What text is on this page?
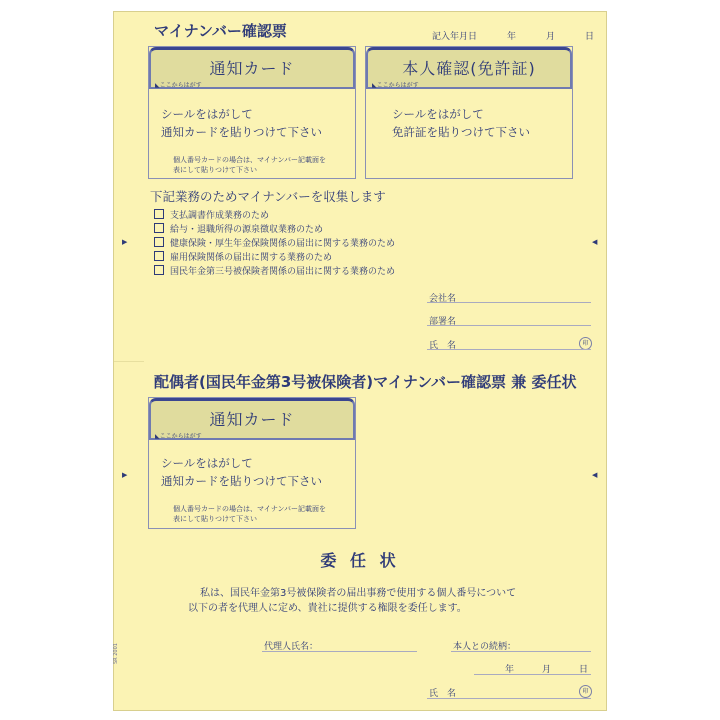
マイナンバー確認票	記入年月日	年	月	日
通知カード
◣ここからはがす
シールをはがして
通知カードを貼りつけて下さい
個人番号カードの場合は、マイナンバー記載面を
表にして貼りつけて下さい
本人確認(免許証)
◣ここからはがす
シールをはがして
免許証を貼りつけて下さい
下記業務のためマイナンバーを収集します
支払調書作成業務のため
給与・退職所得の源泉徴収業務のため
健康保険・厚生年金保険関係の届出に関する業務のため
雇用保険関係の届出に関する業務のため
国民年金第三号被保険者関係の届出に関する業務のため
会社名
部署名
氏　名	印
配偶者(国民年金第3号被保険者)マイナンバー確認票 兼 委任状
通知カード
◣ここからはがす
シールをはがして
通知カードを貼りつけて下さい
個人番号カードの場合は、マイナンバー記載面を
表にして貼りつけて下さい
委 任 状
私は、国民年金第3号被保険者の届出事務で使用する個人番号について
以下の者を代理人に定め、貴社に提供する権限を委任します。
代理人氏名：	本人との続柄：
年	月	日
氏　名	印
SR 2001
▶	◀
▶	◀
